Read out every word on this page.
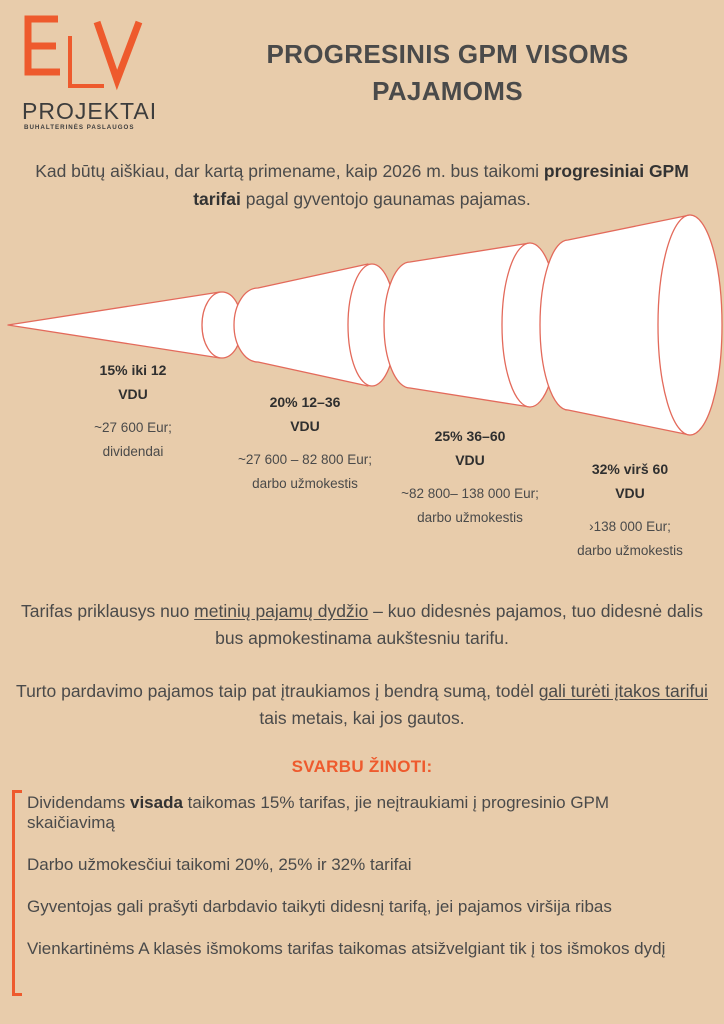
PROJEKTAI
BUHALTERINĖS PASLAUGOS
PROGRESINIS GPM VISOMS PAJAMOMS
Kad būtų aiškiau, dar kartą primename, kaip 2026 m. bus taikomi progresiniai GPM tarifai pagal gyventojo gaunamas pajamas.
15% iki 12 VDU
~27 600 Eur;
dividendai
20% 12–36 VDU
~27 600 – 82 800 Eur;
darbo užmokestis
25% 36–60 VDU
~82 800– 138 000 Eur;
darbo užmokestis
32% virš 60 VDU
›138 000 Eur;
darbo užmokestis
Tarifas priklausys nuo metinių pajamų dydžio – kuo didesnės pajamos, tuo didesnė dalis bus apmokestinama aukštesniu tarifu.
Turto pardavimo pajamos taip pat įtraukiamos į bendrą sumą, todėl gali turėti įtakos tarifui tais metais, kai jos gautos.
SVARBU ŽINOTI:
Dividendams visada taikomas 15% tarifas, jie neįtraukiami į progresinio GPM skaičiavimą
Darbo užmokesčiui taikomi 20%, 25% ir 32% tarifai
Gyventojas gali prašyti darbdavio taikyti didesnį tarifą, jei pajamos viršija ribas
Vienkartinėms A klasės išmokoms tarifas taikomas atsižvelgiant tik į tos išmokos dydį
